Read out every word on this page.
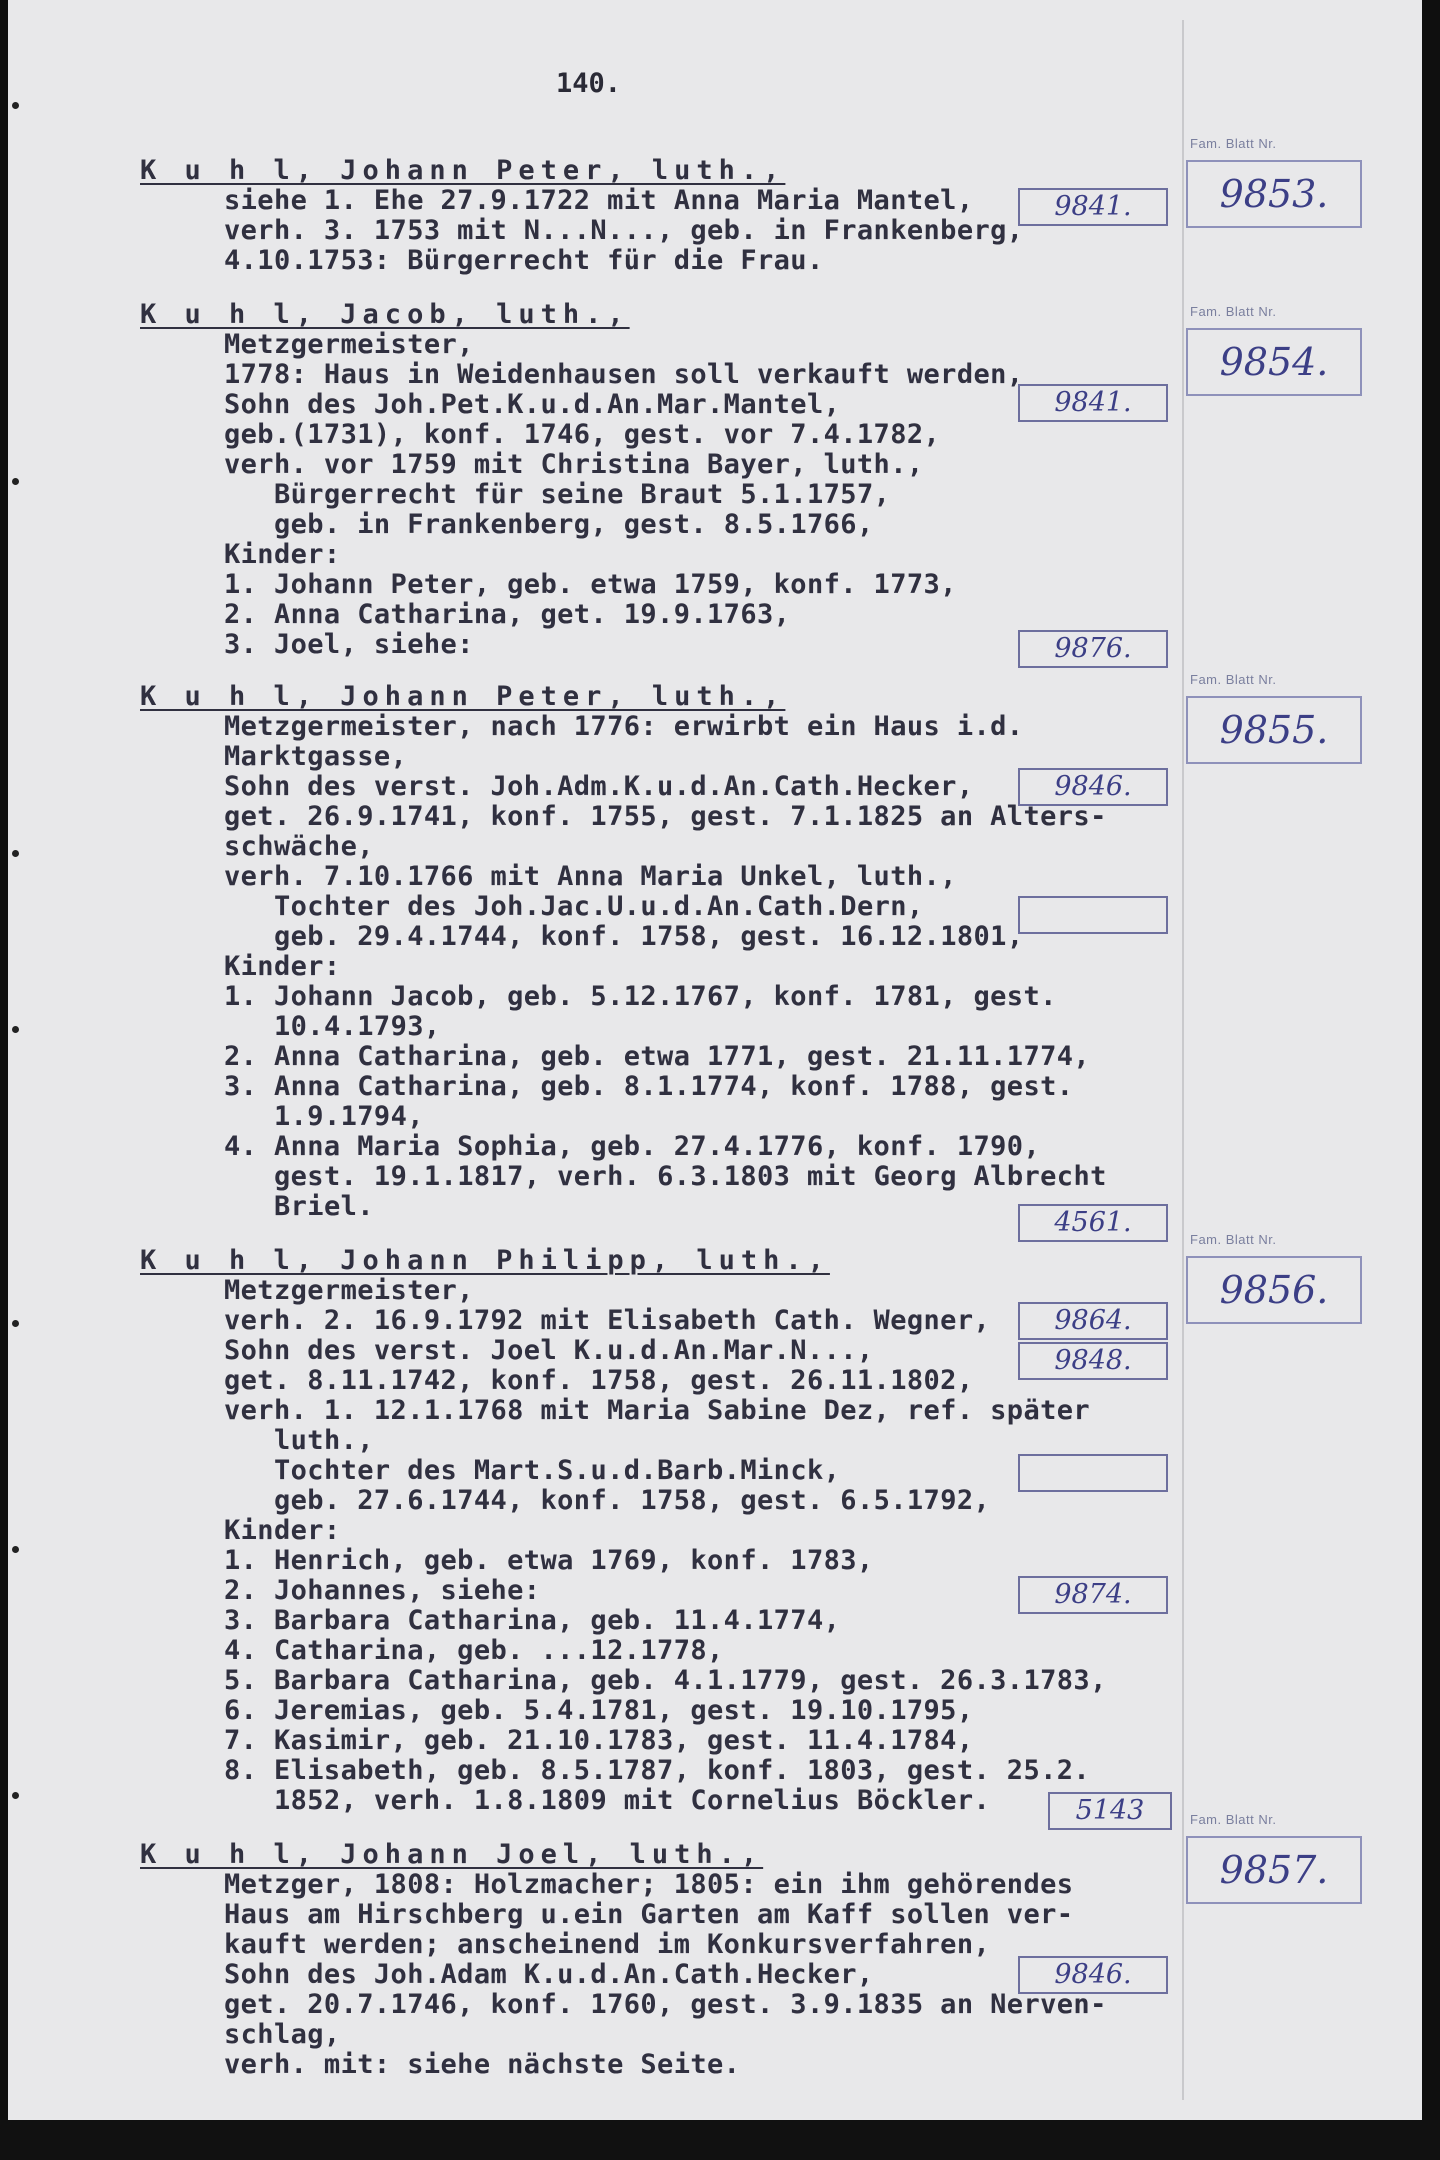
140.
K u h l, Johann Peter, luth.,
siehe 1. Ehe 27.9.1722 mit Anna Maria Mantel,
verh. 3. 1753 mit N...N..., geb. in Frankenberg,
4.10.1753: Bürgerrecht für die Frau.
K u h l, Jacob, luth.,
Metzgermeister,
1778: Haus in Weidenhausen soll verkauft werden,
Sohn des Joh.Pet.K.u.d.An.Mar.Mantel,
geb.(1731), konf. 1746, gest. vor 7.4.1782,
verh. vor 1759 mit Christina Bayer, luth.,
Bürgerrecht für seine Braut 5.1.1757,
geb. in Frankenberg, gest. 8.5.1766,
Kinder:
1. Johann Peter, geb. etwa 1759, konf. 1773,
2. Anna Catharina, get. 19.9.1763,
3. Joel, siehe:
K u h l, Johann Peter, luth.,
Metzgermeister, nach 1776: erwirbt ein Haus i.d.
Marktgasse,
Sohn des verst. Joh.Adm.K.u.d.An.Cath.Hecker,
get. 26.9.1741, konf. 1755, gest. 7.1.1825 an Alters-
schwäche,
verh. 7.10.1766 mit Anna Maria Unkel, luth.,
Tochter des Joh.Jac.U.u.d.An.Cath.Dern,
geb. 29.4.1744, konf. 1758, gest. 16.12.1801,
Kinder:
1. Johann Jacob, geb. 5.12.1767, konf. 1781, gest.
10.4.1793,
2. Anna Catharina, geb. etwa 1771, gest. 21.11.1774,
3. Anna Catharina, geb. 8.1.1774, konf. 1788, gest.
1.9.1794,
4. Anna Maria Sophia, geb. 27.4.1776, konf. 1790,
gest. 19.1.1817, verh. 6.3.1803 mit Georg Albrecht
Briel.
K u h l, Johann Philipp, luth.,
Metzgermeister,
verh. 2. 16.9.1792 mit Elisabeth Cath. Wegner,
Sohn des verst. Joel K.u.d.An.Mar.N...,
get. 8.11.1742, konf. 1758, gest. 26.11.1802,
verh. 1. 12.1.1768 mit Maria Sabine Dez, ref. später
luth.,
Tochter des Mart.S.u.d.Barb.Minck,
geb. 27.6.1744, konf. 1758, gest. 6.5.1792,
Kinder:
1. Henrich, geb. etwa 1769, konf. 1783,
2. Johannes, siehe:
3. Barbara Catharina, geb. 11.4.1774,
4. Catharina, geb. ...12.1778,
5. Barbara Catharina, geb. 4.1.1779, gest. 26.3.1783,
6. Jeremias, geb. 5.4.1781, gest. 19.10.1795,
7. Kasimir, geb. 21.10.1783, gest. 11.4.1784,
8. Elisabeth, geb. 8.5.1787, konf. 1803, gest. 25.2.
1852, verh. 1.8.1809 mit Cornelius Böckler.
K u h l, Johann Joel, luth.,
Metzger, 1808: Holzmacher; 1805: ein ihm gehörendes
Haus am Hirschberg u.ein Garten am Kaff sollen ver-
kauft werden; anscheinend im Konkursverfahren,
Sohn des Joh.Adam K.u.d.An.Cath.Hecker,
get. 20.7.1746, konf. 1760, gest. 3.9.1835 an Nerven-
schlag,
verh. mit: siehe nächste Seite.
9841.
9841.
9876.
9846.
4561.
9864.
9848.
9874.
5143
9846.
Fam. Blatt Nr.
9853.
Fam. Blatt Nr.
9854.
Fam. Blatt Nr.
9855.
Fam. Blatt Nr.
9856.
Fam. Blatt Nr.
9857.
